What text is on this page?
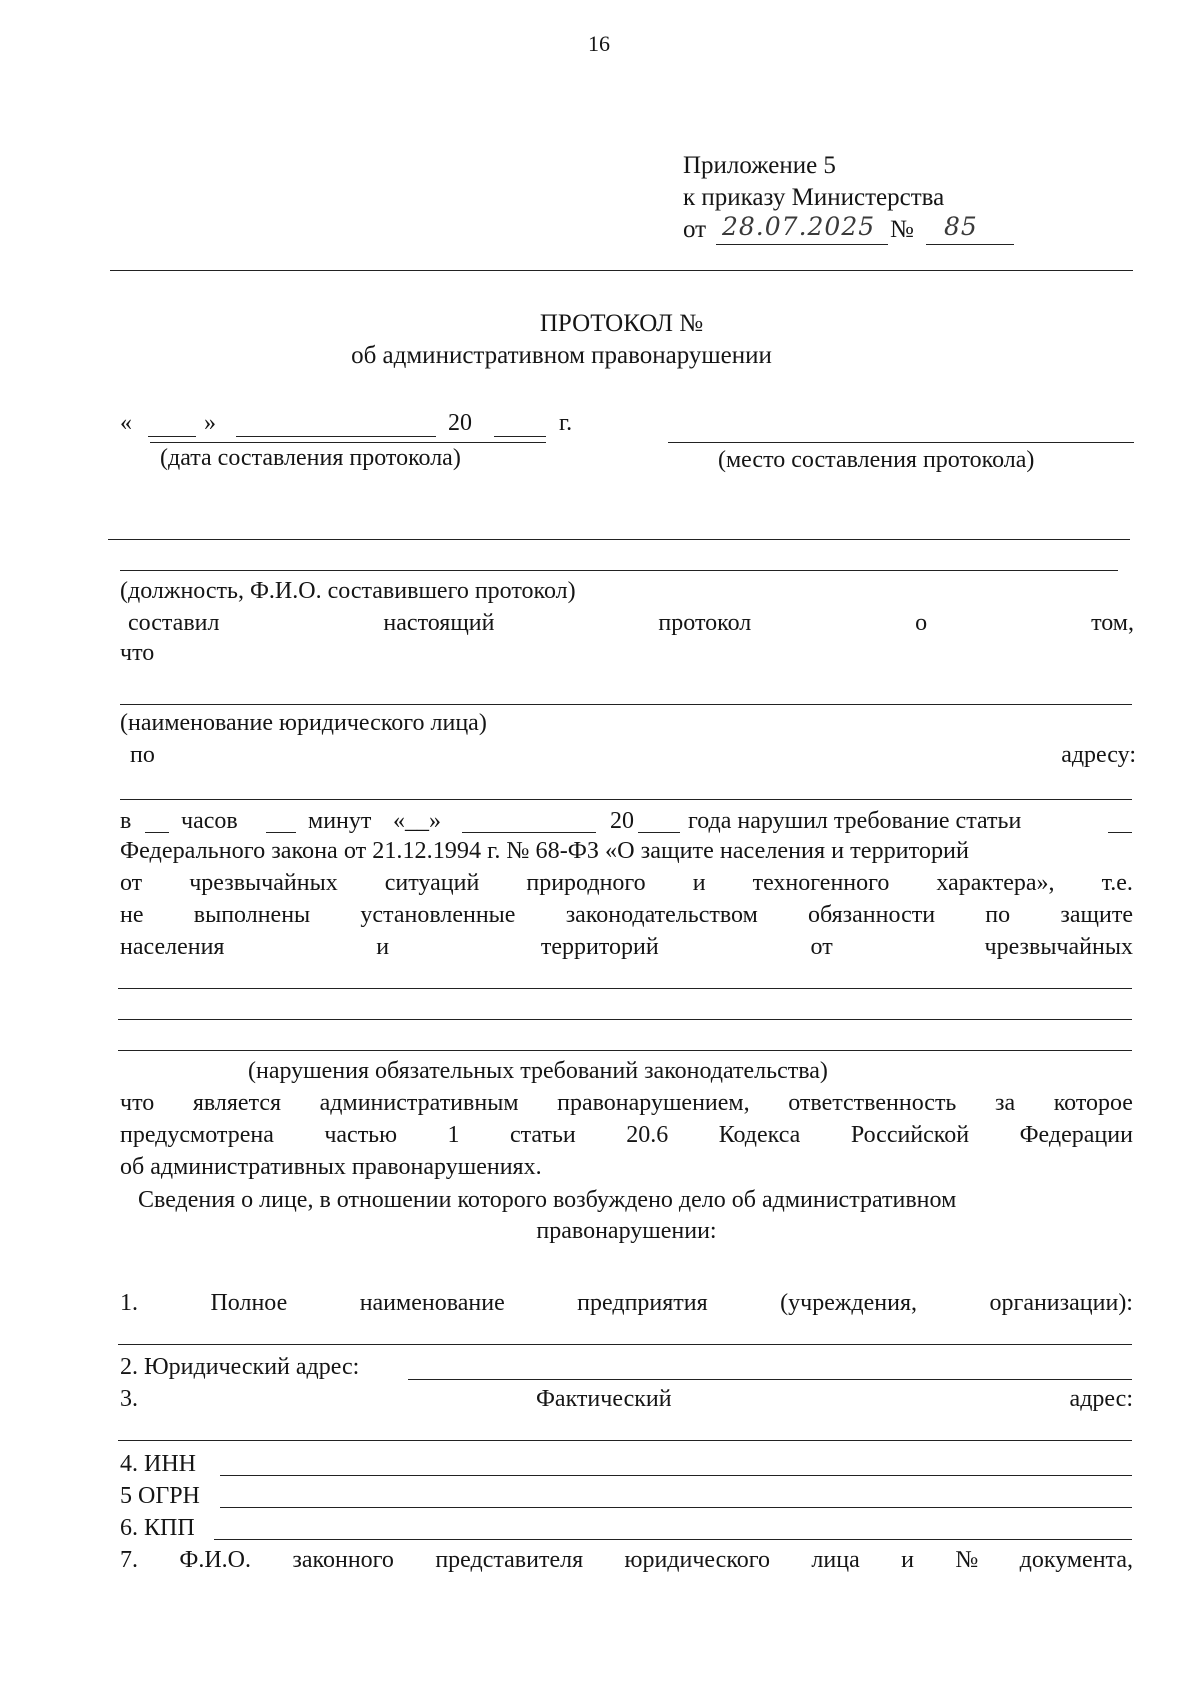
16
Приложение 5
к приказу Министерства
от 28.07.2025 № 85
ПРОТОКОЛ №
об административном правонарушении
«	»	20	г.
(дата составления протокола)	(место составления протокола)
(должность, Ф.И.О. составившего протокол)
составил	настоящий	протокол	о	том,
что
(наименование юридического лица)
по	адресу:
в часов	минут «__»	20 года нарушил требование статьи
Федерального закона от 21.12.1994 г. № 68-ФЗ «О защите населения и территорий
от чрезвычайных ситуаций природного и техногенного характера», т.е.
не выполнены установленные законодательством обязанности по защите
населения	и	территорий	от	чрезвычайных
(нарушения обязательных требований законодательства)
что является административным правонарушением, ответственность за которое
предусмотрена частью 1 статьи 20.6 Кодекса Российской Федерации
об административных правонарушениях.
Сведения о лице, в отношении которого возбуждено дело об административном
правонарушении:
1.	Полное	наименование	предприятия	(учреждения,	организации):
2. Юридический адрес:
3.	Фактический	адрес:
4. ИНН
5 ОГРН
6. КПП
7. Ф.И.О. законного представителя юридического лица и № документа,
